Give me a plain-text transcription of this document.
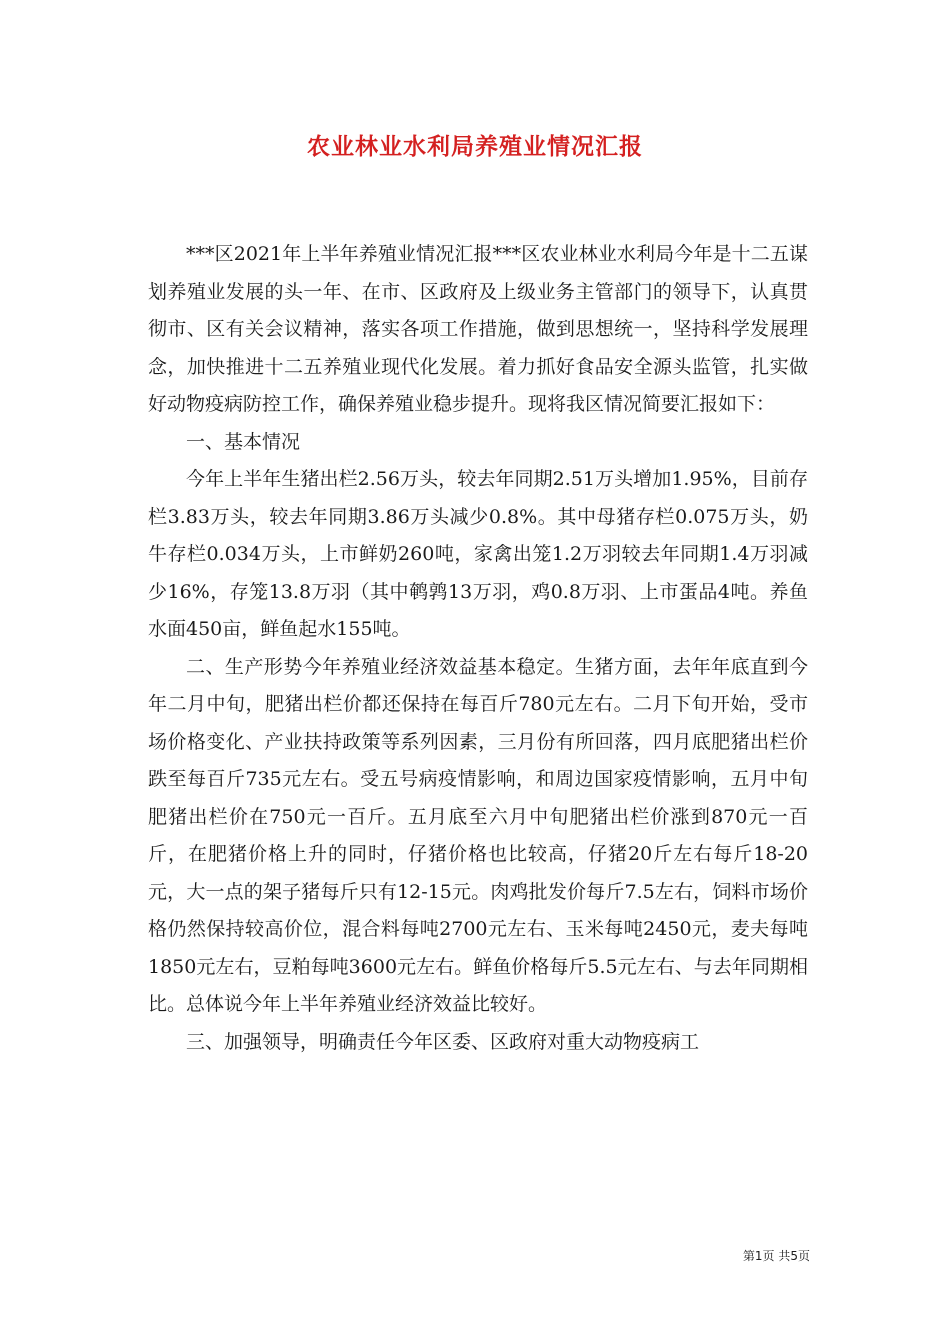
农业林业水利局养殖业情况汇报

***区2021年上半年养殖业情况汇报***区农业林业水利局今年是十二五谋划养殖业发展的头一年、在市、区政府及上级业务主管部门的领导下，认真贯彻市、区有关会议精神，落实各项工作措施，做到思想统一，坚持科学发展理念，加快推进十二五养殖业现代化发展。着力抓好食品安全源头监管，扎实做好动物疫病防控工作，确保养殖业稳步提升。现将我区情况简要汇报如下：

一、基本情况

今年上半年生猪出栏2.56万头，较去年同期2.51万头增加1.95%，目前存栏3.83万头，较去年同期3.86万头减少0.8%。其中母猪存栏0.075万头，奶牛存栏0.034万头，上市鲜奶260吨，家禽出笼1.2万羽较去年同期1.4万羽减少16%，存笼13.8万羽（其中鹌鹑13万羽，鸡0.8万羽、上市蛋品4吨。养鱼水面450亩，鲜鱼起水155吨。

二、生产形势今年养殖业经济效益基本稳定。生猪方面，去年年底直到今年二月中旬，肥猪出栏价都还保持在每百斤780元左右。二月下旬开始，受市场价格变化、产业扶持政策等系列因素，三月份有所回落，四月底肥猪出栏价跌至每百斤735元左右。受五号病疫情影响，和周边国家疫情影响，五月中旬肥猪出栏价在750元一百斤。五月底至六月中旬肥猪出栏价涨到870元一百斤，在肥猪价格上升的同时，仔猪价格也比较高，仔猪20斤左右每斤18-20元，大一点的架子猪每斤只有12-15元。肉鸡批发价每斤7.5左右，饲料市场价格仍然保持较高价位，混合料每吨2700元左右、玉米每吨2450元，麦夫每吨1850元左右，豆粕每吨3600元左右。鲜鱼价格每斤5.5元左右、与去年同期相比。总体说今年上半年养殖业经济效益比较好。

三、加强领导，明确责任今年区委、区政府对重大动物疫病工

第1页 共5页
